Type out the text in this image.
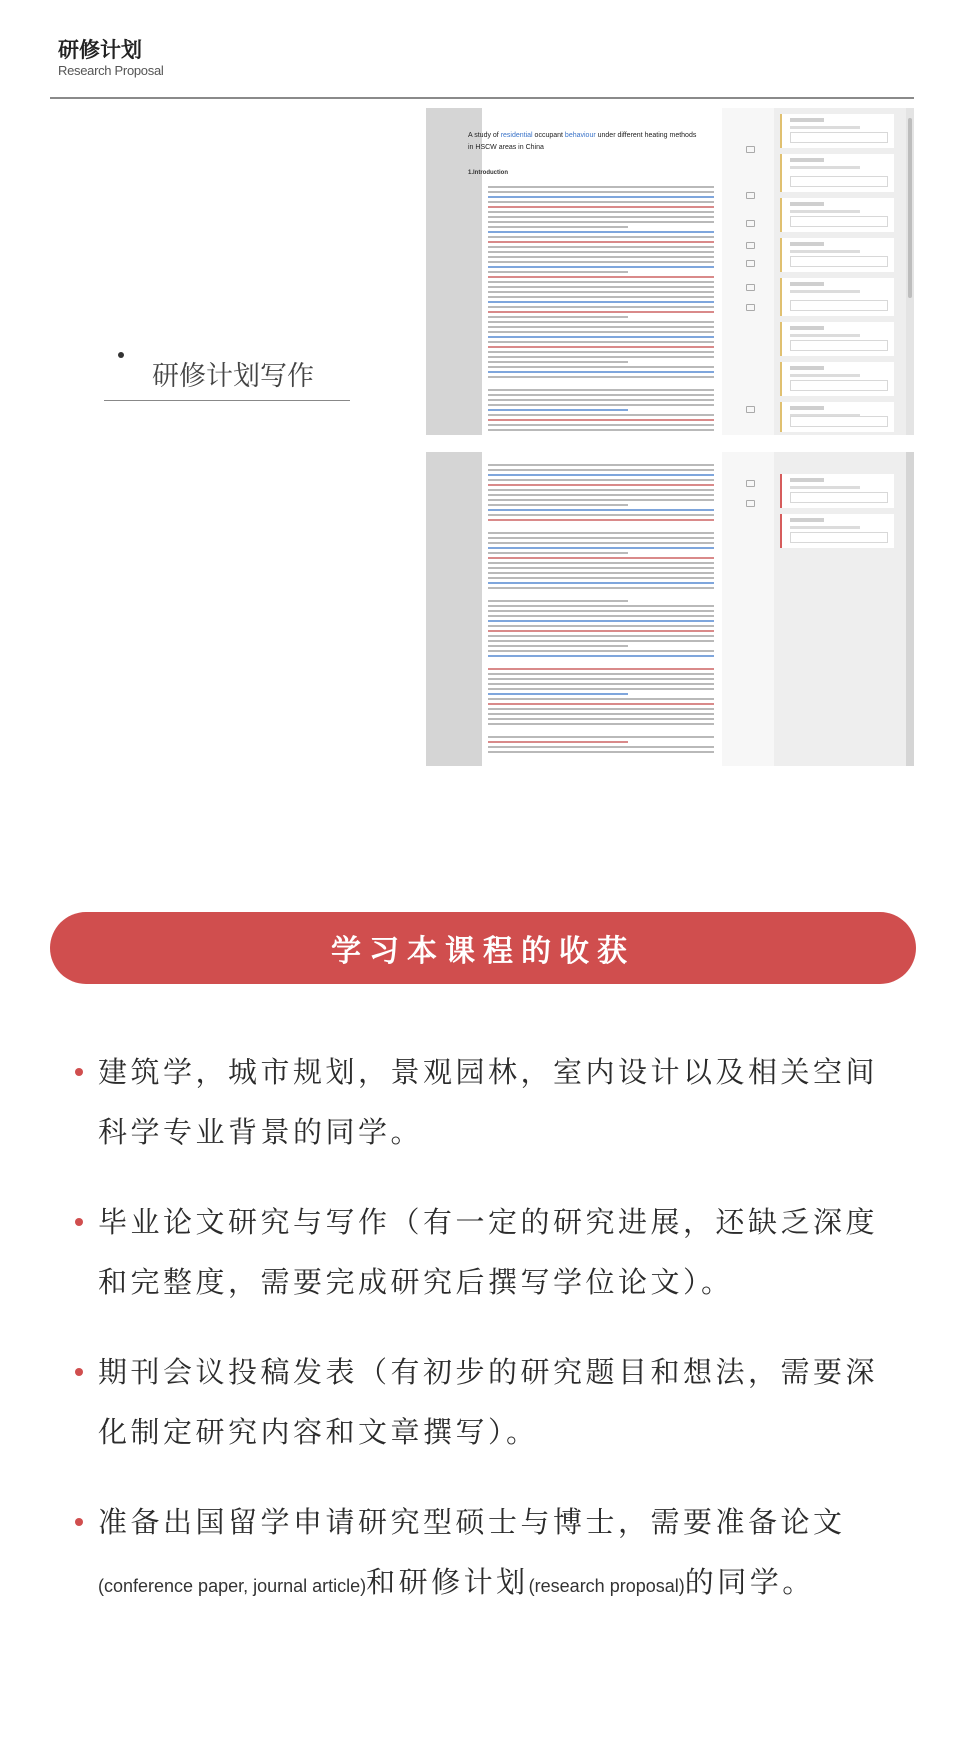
研修计划
Research Proposal
研修计划写作
A study of residential occupant behaviour under different heating methods in HSCW areas in China
1.Introduction
学习本课程的收获
建筑学，城市规划，景观园林，室内设计以及相关空间科学专业背景的同学。
毕业论文研究与写作（有一定的研究进展，还缺乏深度和完整度，需要完成研究后撰写学位论文）。
期刊会议投稿发表（有初步的研究题目和想法，需要深化制定研究内容和文章撰写）。
准备出国留学申请研究型硕士与博士，需要准备论文(conference paper, journal article)和研修计划(research proposal)的同学。
